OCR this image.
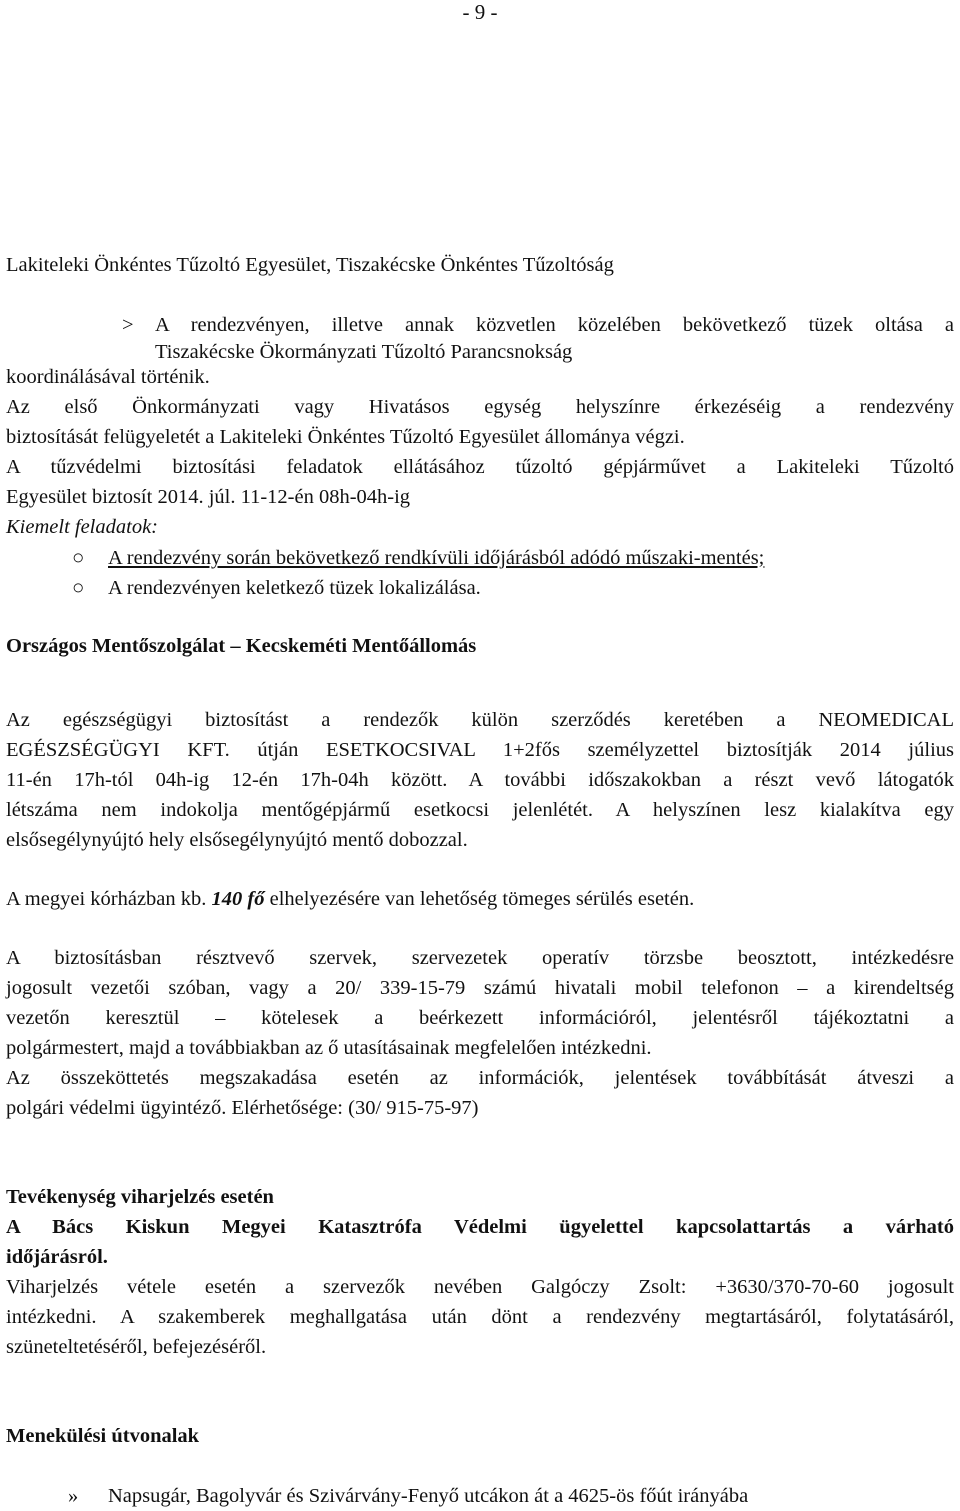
- 9 -

Lakiteleki Önkéntes Tűzoltó Egyesület, Tiszakécske Önkéntes Tűzoltóság

> A rendezvényen, illetve annak közvetlen közelében bekövetkező tüzek oltása a

Tiszakécske Ökormányzati Tűzoltó Parancsnokság

koordinálásával történik.

Az első Önkormányzati vagy Hivatásos egység helyszínre érkezéséig a rendezvény

biztosítását felügyeletét a Lakiteleki Önkéntes Tűzoltó Egyesület állománya végzi.

A tűzvédelmi biztosítási feladatok ellátásához tűzoltó gépjárművet a Lakiteleki Tűzoltó

Egyesület biztosít 2014. júl. 11-12-én 08h-04h-ig

Kiemelt feladatok:

○ A rendezvény során bekövetkező rendkívüli időjárásból adódó műszaki-mentés;

○ A rendezvényen keletkező tüzek lokalizálása.

Országos Mentőszolgálat – Kecskeméti Mentőállomás

Az egészségügyi biztosítást a rendezők külön szerződés keretében a NEOMEDICAL

EGÉSZSÉGÜGYI KFT. útján ESETKOCSIVAL 1+2fős személyzettel biztosítják 2014 július

11-én 17h-tól 04h-ig 12-én 17h-04h között. A további időszakokban a részt vevő látogatók

létszáma nem indokolja mentőgépjármű esetkocsi jelenlétét. A helyszínen lesz kialakítva egy

elsősegélynyújtó hely elsősegélynyújtó mentő dobozzal.

A megyei kórházban kb. 140 fő elhelyezésére van lehetőség tömeges sérülés esetén.

A biztosításban résztvevő szervek, szervezetek operatív törzsbe beosztott, intézkedésre

jogosult vezetői szóban, vagy a 20/ 339-15-79 számú hivatali mobil telefonon – a kirendeltség

vezetőn keresztül – kötelesek a beérkezett információról, jelentésről tájékoztatni a

polgármestert, majd a továbbiakban az ő utasításainak megfelelően intézkedni.

Az összeköttetés megszakadása esetén az információk, jelentések továbbítását átveszi a

polgári védelmi ügyintéző. Elérhetősége: (30/ 915-75-97)

Tevékenység viharjelzés esetén

A Bács Kiskun Megyei Katasztrófa Védelmi ügyelettel kapcsolattartás a várható

időjárásról.

Viharjelzés vétele esetén a szervezők nevében Galgóczy Zsolt: +3630/370-70-60 jogosult

intézkedni. A szakemberek meghallgatása után dönt a rendezvény megtartásáról, folytatásáról,

szüneteltetéséről, befejezéséről.

Menekülési útvonalak

» Napsugár, Bagolyvár és Szivárvány-Fenyő utcákon át a 4625-ös főút irányába
